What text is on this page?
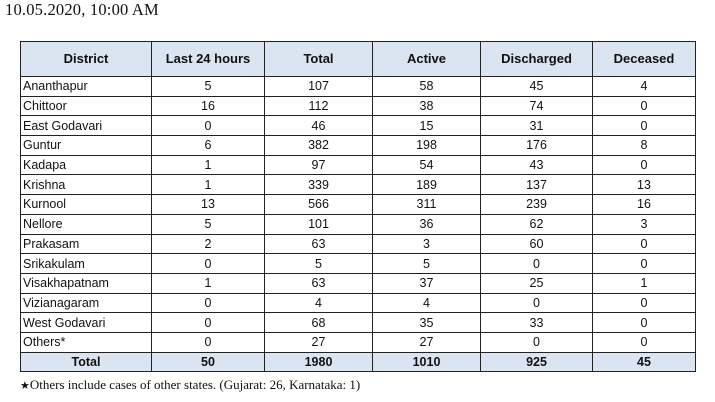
10.05.2020, 10:00 AM
District	Last 24 hours	Total	Active	Discharged	Deceased
Ananthapur	5	107	58	45	4
Chittoor	16	112	38	74	0
East Godavari	0	46	15	31	0
Guntur	6	382	198	176	8
Kadapa	1	97	54	43	0
Krishna	1	339	189	137	13
Kurnool	13	566	311	239	16
Nellore	5	101	36	62	3
Prakasam	2	63	3	60	0
Srikakulam	0	5	5	0	0
Visakhapatnam	1	63	37	25	1
Vizianagaram	0	4	4	0	0
West Godavari	0	68	35	33	0
Others*	0	27	27	0	0
Total	50	1980	1010	925	45
★Others include cases of other states. (Gujarat: 26, Karnataka: 1)
